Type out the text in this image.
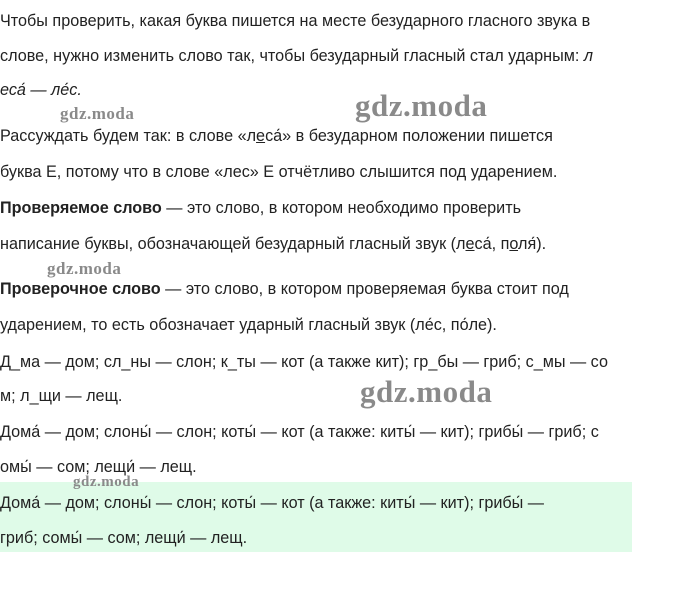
Чтобы проверить, какая буква пишется на месте безударного гласного звука в
слове, нужно изменить слово так, чтобы безударный гласный стал ударным: л
еса́ — ле́с.
Рассуждать будем так: в слове «леса́» в безударном положении пишется
буква Е, потому что в слове «лес» Е отчётливо слышится под ударением.
Проверяемое слово — это слово, в котором необходимо проверить
написание буквы, обозначающей безударный гласный звук (леса́, поля́).
Проверочное слово — это слово, в котором проверяемая буква стоит под
ударением, то есть обозначает ударный гласный звук (ле́с, по́ле).
Д_ма — дом; сл_ны — слон; к_ты — кот (а также кит); гр_бы — гриб; с_мы — со
м; л_щи — лещ.
Дома́ — дом; слоны́ — слон; коты́ — кот (а также: киты́ — кит); грибы́ — гриб; с
омы́ — сом; лещи́ — лещ.
Дома́ — дом; слоны́ — слон; коты́ — кот (а также: киты́ — кит); грибы́ —
гриб; сомы́ — сом; лещи́ — лещ.
gdz.moda	gdz.moda
gdz.moda
gdz.moda
gdz.moda
